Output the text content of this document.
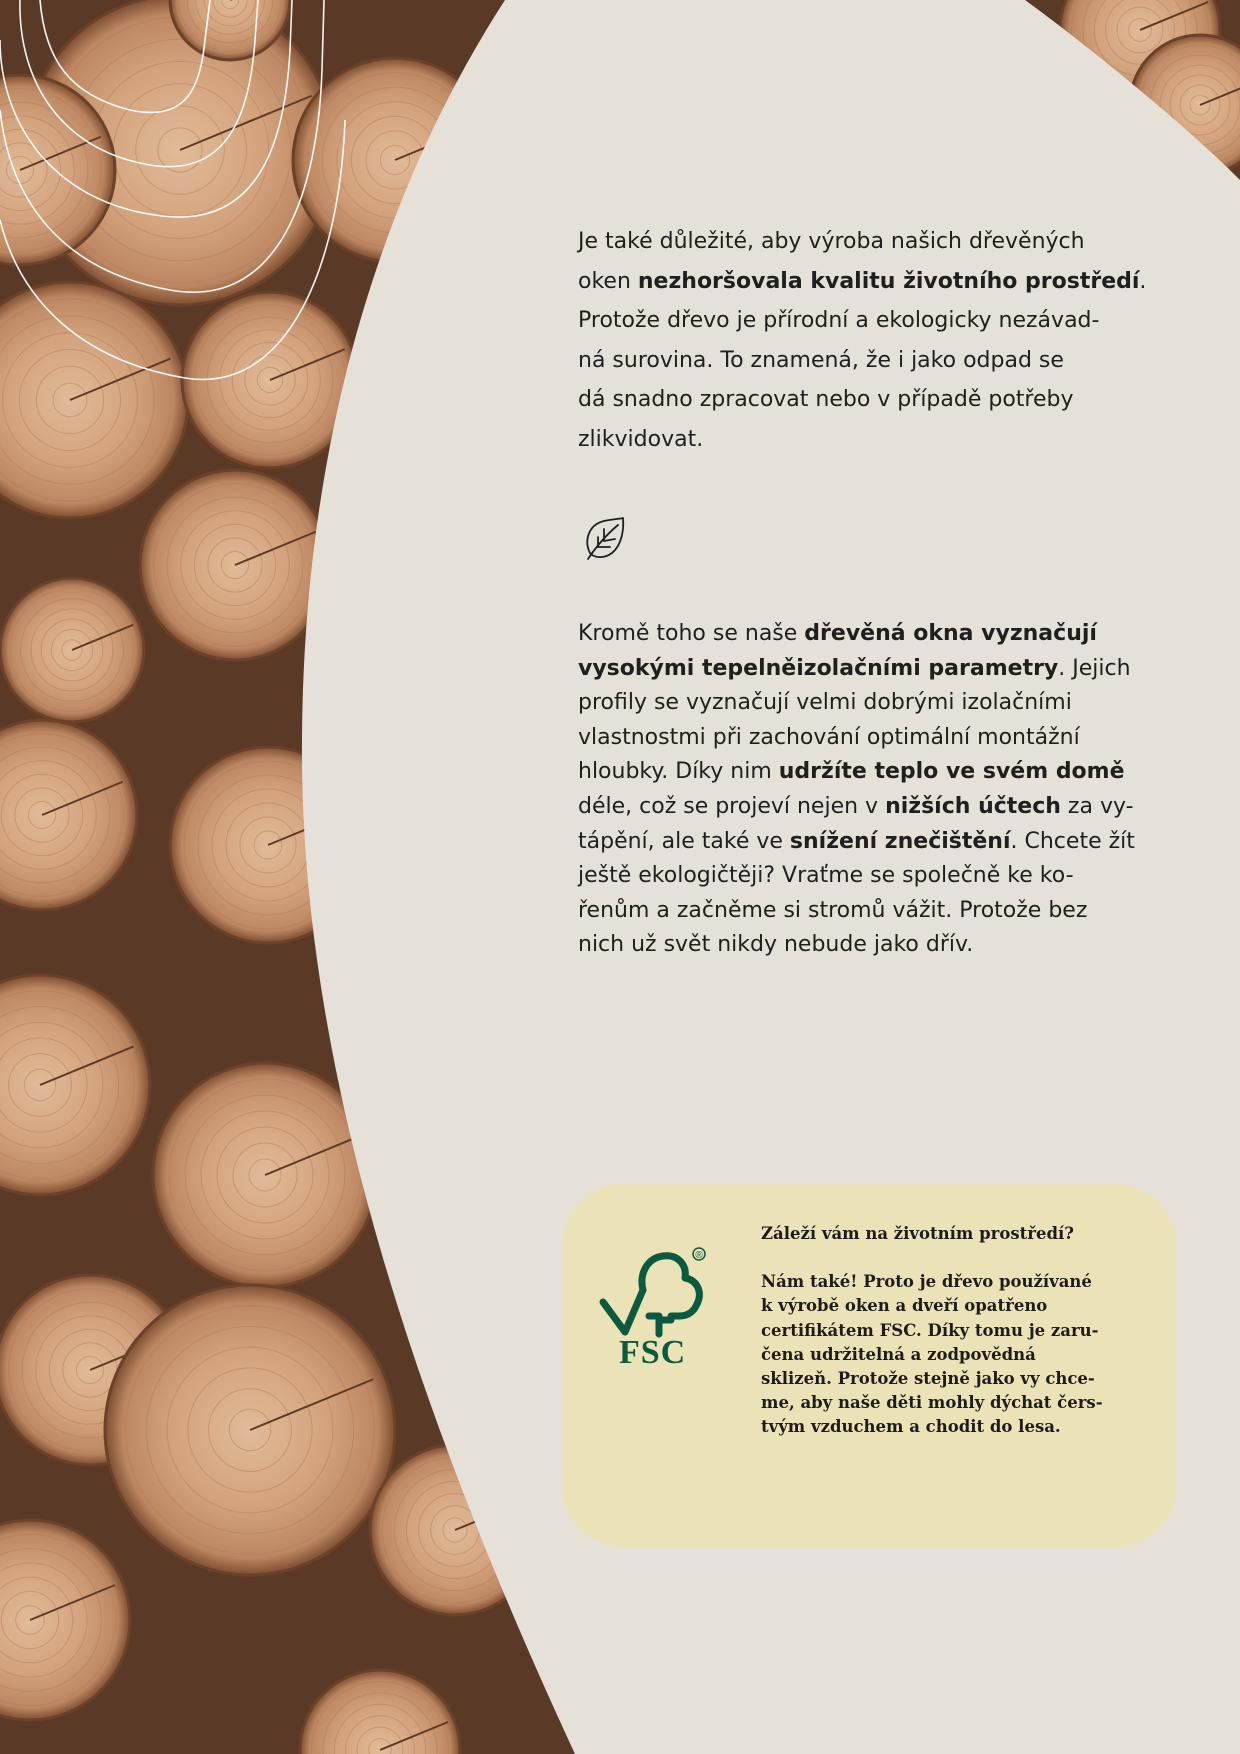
Je také důležité, aby výroba našich dřevěných
oken nezhoršovala kvalitu životního prostředí.
Protože dřevo je přírodní a ekologicky nezávad-
ná surovina. To znamená, že i jako odpad se
dá snadno zpracovat nebo v případě potřeby
zlikvidovat.

Kromě toho se naše dřevěná okna vyznačují
vysokými tepelněizolačními parametry. Jejich
profily se vyznačují velmi dobrými izolačními
vlastnostmi při zachování optimální montážní
hloubky. Díky nim udržíte teplo ve svém domě
déle, což se projeví nejen v nižších účtech za vy-
tápění, ale také ve snížení znečištění. Chcete žít
ještě ekologičtěji? Vraťme se společně ke ko-
řenům a začněme si stromů vážit. Protože bez
nich už svět nikdy nebude jako dřív.

®
FSC
Záleží vám na životním prostředí?
Nám také! Proto je dřevo používané
k výrobě oken a dveří opatřeno
certifikátem FSC. Díky tomu je zaru-
čena udržitelná a zodpovědná
sklizeň. Protože stejně jako vy chce-
me, aby naše děti mohly dýchat čers-
tvým vzduchem a chodit do lesa.
